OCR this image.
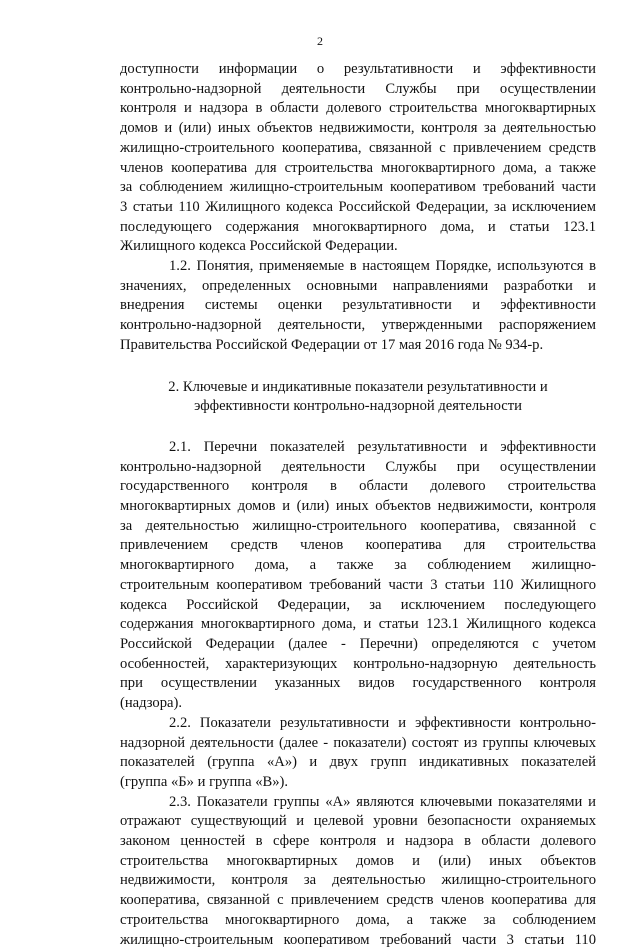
2

доступности информации о результативности и эффективности
контрольно-надзорной деятельности Службы при осуществлении
контроля и надзора в области долевого строительства многоквартирных
домов и (или) иных объектов недвижимости, контроля за деятельностью
жилищно-строительного кооператива, связанной с привлечением средств
членов кооператива для строительства многоквартирного дома, а также
за соблюдением жилищно-строительным кооперативом требований части
3 статьи 110 Жилищного кодекса Российской Федерации, за исключением
последующего содержания многоквартирного дома, и статьи 123.1
Жилищного кодекса Российской Федерации.

1.2. Понятия, применяемые в настоящем Порядке, используются в
значениях, определенных основными направлениями разработки и
внедрения системы оценки результативности и эффективности
контрольно-надзорной деятельности, утвержденными распоряжением
Правительства Российской Федерации от 17 мая 2016 года № 934-р.

2. Ключевые и индикативные показатели результативности и
эффективности контрольно-надзорной деятельности

2.1. Перечни показателей результативности и эффективности
контрольно-надзорной деятельности Службы при осуществлении
государственного контроля в области долевого строительства
многоквартирных домов и (или) иных объектов недвижимости, контроля
за деятельностью жилищно-строительного кооператива, связанной с
привлечением средств членов кооператива для строительства
многоквартирного дома, а также за соблюдением жилищно-
строительным кооперативом требований части 3 статьи 110 Жилищного
кодекса Российской Федерации, за исключением последующего
содержания многоквартирного дома, и статьи 123.1 Жилищного кодекса
Российской Федерации (далее - Перечни) определяются с учетом
особенностей, характеризующих контрольно-надзорную деятельность
при осуществлении указанных видов государственного контроля
(надзора).

2.2. Показатели результативности и эффективности контрольно-
надзорной деятельности (далее - показатели) состоят из группы ключевых
показателей (группа «А») и двух групп индикативных показателей
(группа «Б» и группа «В»).

2.3. Показатели группы «А» являются ключевыми показателями и
отражают существующий и целевой уровни безопасности охраняемых
законом ценностей в сфере контроля и надзора в области долевого
строительства многоквартирных домов и (или) иных объектов
недвижимости, контроля за деятельностью жилищно-строительного
кооператива, связанной с привлечением средств членов кооператива для
строительства многоквартирного дома, а также за соблюдением
жилищно-строительным кооперативом требований части 3 статьи 110
